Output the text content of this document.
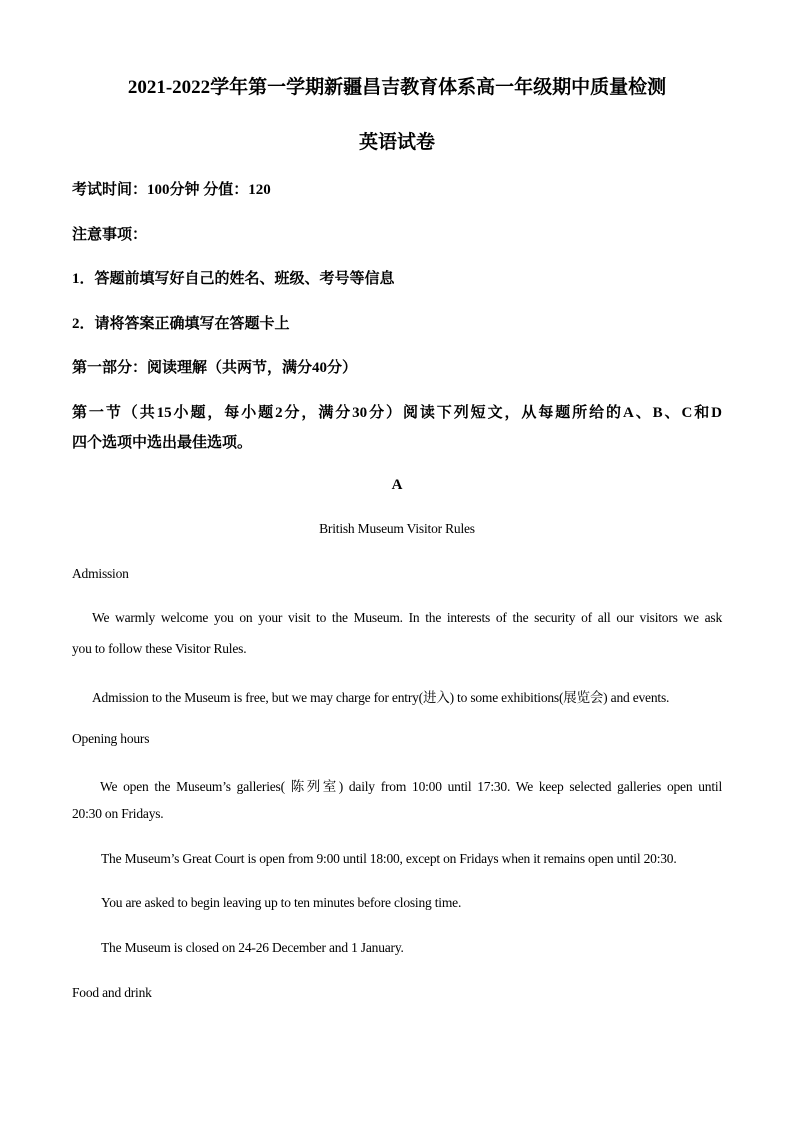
2021-2022学年第一学期新疆昌吉教育体系高一年级期中质量检测
英语试卷
考试时间：100分钟 分值：120
注意事项：
1．答题前填写好自己的姓名、班级、考号等信息
2．请将答案正确填写在答题卡上
第一部分：阅读理解（共两节，满分40分）
第一节（共15小题，每小题2分，满分30分）阅读下列短文，从每题所给的A、B、C和D
四个选项中选出最佳选项。
A
British Museum Visitor Rules
Admission
We warmly welcome you on your visit to the Museum. In the interests of the security of all our visitors we ask
you to follow these Visitor Rules.
Admission to the Museum is free, but we may charge for entry(进入) to some exhibitions(展览会) and events.
Opening hours
We open the Museum’s galleries( 陈列室) daily from 10:00 until 17:30. We keep selected galleries open until
20:30 on Fridays.
The Museum’s Great Court is open from 9:00 until 18:00, except on Fridays when it remains open until 20:30.
You are asked to begin leaving up to ten minutes before closing time.
The Museum is closed on 24-26 December and 1 January.
Food and drink
